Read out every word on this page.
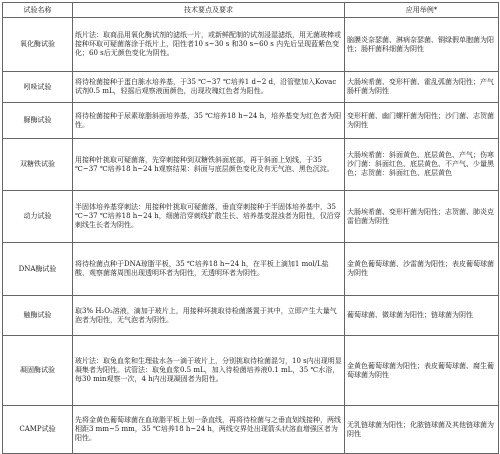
试验名称	技术要点及要求	应用举例*
氧化酶试验	纸片法：取商品用氧化酶试剂的滤纸一片，或新鲜配制的试剂浸湿滤纸，用无菌玻棒或接种环取可疑菌落涂于纸片上，阳性者10 s~30 s 和30 s~60 s 内先后呈现蓝紫色变化；60 s后无颜色变化为阴性。	脑膜炎奈瑟菌、淋病奈瑟菌、铜绿假单胞菌为阳性；肠杆菌科细菌为阴性
吲哚试验	将待检菌接种于蛋白胨水培养基，于35 ℃~37 ℃培养1 d~2 d，沿管壁加入Kovac试剂0.5 mL，轻摇后观察液面颜色，出现玫瑰红色者为阳性。	大肠埃希菌、变形杆菌、霍乱弧菌为阳性；产气肠杆菌为阴性
脲酶试验	将待检菌接种于尿素琼脂斜面培养基，35 ℃培养18 h~24 h，培养基变为红色者为阳性。	变形杆菌、幽门螺杆菌为阳性；沙门菌、志贺菌为阴性
双糖铁试验	用接种针挑取可疑菌落，先穿刺接种到双糖铁斜面底部，再于斜面上划线，于35 ℃~37 ℃培养18 h~24 h观察结果：斜面与底层颜色变化及有无气泡、黑色沉淀。	大肠埃希菌：斜面黄色、底层黄色、产气；伤寒沙门菌：斜面红色、底层黄色、不产气、少量黑色；志贺菌：斜面红色、底层黄色
动力试验	半固体培养基穿刺法：用接种针挑取可疑菌落，垂直穿刺接种于半固体培养基中，35 ℃~37 ℃培养18 h~24 h，细菌沿穿刺线扩散生长、培养基变混浊者为阳性，仅沿穿刺线生长者为阴性。	大肠埃希菌、变形杆菌为阳性；志贺菌、肺炎克雷伯菌为阴性
DNA酶试验	将待检菌点种于DNA琼脂平板，35 ℃培养18 h~24 h，在平板上滴加1 mol/L盐酸，观察菌落周围出现透明环者为阳性，无透明环者为阴性。	金黄色葡萄球菌、沙雷菌为阳性；表皮葡萄球菌为阴性
触酶试验	取3% H₂O₂溶液，滴加于玻片上，用接种环挑取待检菌落置于其中，立即产生大量气泡者为阳性，无气泡者为阴性。	葡萄球菌、微球菌为阳性；链球菌为阴性
凝固酶试验	玻片法：取兔血浆和生理盐水各一滴于玻片上，分别挑取待检菌混匀，10 s内出现明显凝集者为阳性。试管法：取兔血浆0.5 mL，加入待检菌培养液0.1 mL，35 ℃水浴，每30 min观察一次，4 h内出现凝固者为阳性。	金黄色葡萄球菌为阳性；表皮葡萄球菌、腐生葡萄球菌为阴性
CAMP试验	先将金黄色葡萄球菌在血琼脂平板上划一条直线，再将待检菌与之垂直划线接种，两线相距3 mm~5 mm，35 ℃培养18 h~24 h，两线交界处出现箭头状溶血增强区者为阳性。	无乳链球菌为阳性；化脓链球菌及其他链球菌为阴性
